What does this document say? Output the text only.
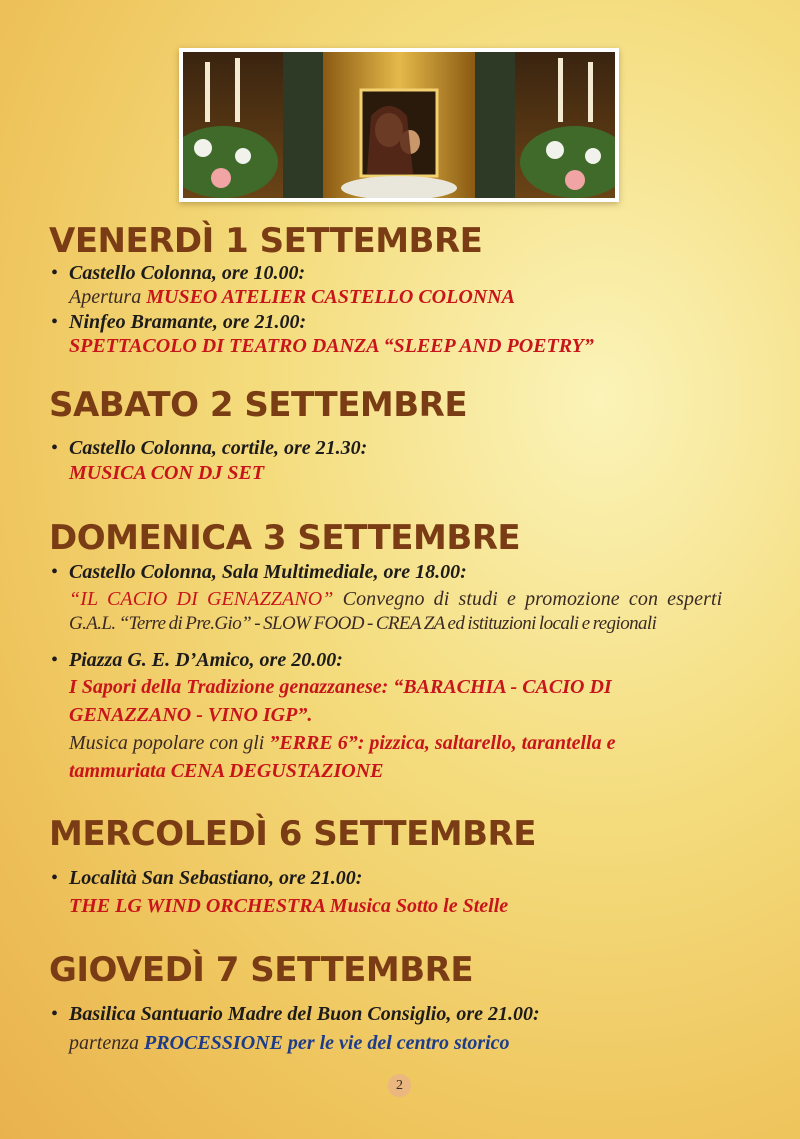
VENERDÌ 1 SETTEMBRE
• Castello Colonna, ore 10.00:
Apertura MUSEO ATELIER CASTELLO COLONNA
• Ninfeo Bramante, ore 21.00:
SPETTACOLO DI TEATRO DANZA “SLEEP AND POETRY”
SABATO 2 SETTEMBRE
• Castello Colonna, cortile, ore 21.30:
MUSICA CON DJ SET
DOMENICA 3 SETTEMBRE
• Castello Colonna, Sala Multimediale, ore 18.00:
“IL CACIO DI GENAZZANO” Convegno di studi e promozione con esperti
G.A.L. “Terre di Pre.Gio” - SLOW FOOD - CREA ZA ed istituzioni locali e regionali
• Piazza G. E. D’Amico, ore 20.00:
I Sapori della Tradizione genazzanese: “BARACHIA - CACIO DI
GENAZZANO - VINO IGP”.
Musica popolare con gli ”ERRE 6”: pizzica, saltarello, tarantella e
tammuriata CENA DEGUSTAZIONE
MERCOLEDÌ 6 SETTEMBRE
• Località San Sebastiano, ore 21.00:
THE LG WIND ORCHESTRA Musica Sotto le Stelle
GIOVEDÌ 7 SETTEMBRE
• Basilica Santuario Madre del Buon Consiglio, ore 21.00:
partenza PROCESSIONE per le vie del centro storico
2
